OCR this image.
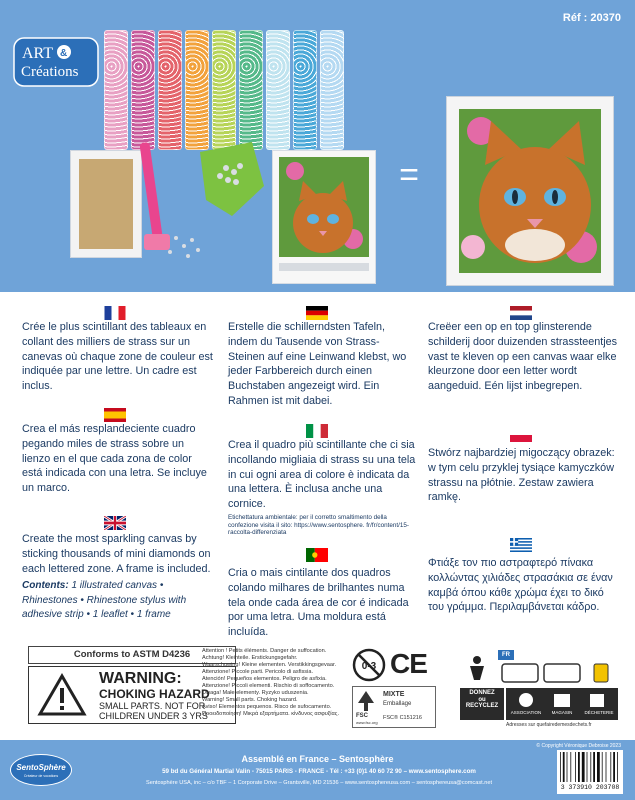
Réf : 20370
ART &
Créations
=

Crée le plus scintillant des tableaux en collant des milliers de strass sur un canevas où chaque zone de couleur est indiquée par une lettre. Un cadre est inclus.

Erstelle die schillerndsten Tafeln, indem du Tausende von Strass-Steinen auf eine Leinwand klebst, wo jeder Farbbereich durch einen Buchstaben angezeigt wird. Ein Rahmen ist mit dabei.

Creëer een op en top glinsterende schilderij door duizenden strassteentjes vast te kleven op een canvas waar elke kleurzone door een letter wordt aangeduid. Eén lijst inbegrepen.

Crea el más resplandeciente cuadro pegando miles de strass sobre un lienzo en el que cada zona de color está indicada con una letra. Se incluye un marco.

Crea il quadro più scintillante che ci sia incollando migliaia di strass su una tela in cui ogni area di colore è indicata da una lettera. È inclusa anche una cornice.

Etichettatura ambientale: per il corretto smaltimento della confezione visita il sito: https://www.sentosphere. fr/fr/content/15-raccolta-differenziata

Stwórz najbardziej migoczący obrazek: w tym celu przyklej tysiące kamyczków strassu na płótnie. Zestaw zawiera ramkę.

Create the most sparkling canvas by sticking thousands of mini diamonds on each lettered zone. A frame is included.

Contents: 1 illustrated canvas • Rhinestones • Rhinestone stylus with adhesive strip • 1 leaflet • 1 frame

Cria o mais cintilante dos quadros colando milhares de brilhantes numa tela onde cada área de cor é indicada por uma letra. Uma moldura está incluída.

Φτιάξε τον πιο αστραφτερό πίνακα κολλώντας χιλιάδες στρασάκια σε έναν καμβά όπου κάθε χρώμα έχει το δικό του γράμμα. Περιλαμβάνεται κάδρο.

Conforms to ASTM D4236
WARNING:
CHOKING HAZARD
SMALL PARTS. NOT FOR CHILDREN UNDER 3 YRS
Attention ! Petits éléments. Danger de suffocation.
Achtung! Kleinteile. Erstickungsgefahr.
Waarschuwing! Kleine elementen. Verstikkingsgevaar.
Attenzione! Piccole parti. Pericolo di asfissia.
Atención! Pequeños elementos. Peligro de asfixia.
Attenzione! Piccoli elementi. Rischio di soffocamento.
Uwaga! Małe elementy. Ryzyko uduszenia.
Warning! Small parts. Choking hazard.
Aviso! Elementos pequenos. Risco de sufocamento.
Προειδοποίηση! Μικρά εξαρτήματα. κίνδυνος ασφυξίας.
0-3 CE
FSC
www.fsc.org
MIXTE
Emballage
FSC® C151216
FR
DONNEZ
ou
RECYCLEZ
ASSOCIATION	MAGASIN	DÉCHETERIE
Adresses sur quefairedemesdechets.fr
© Copyright Véronique Debroise 2023
SentoSphère
Créateur de vocations
Assemblé en France – Sentosphère
59 bd du Général Martial Valin - 75015 PARIS - FRANCE - Tél : +33 (0)1 40 60 72 90 – www.sentosphere.com
Sentosphère USA, inc – c/o TBF – 1 Corporate Drive – Grantsville, MD 21536 – www.sentosphereusa.com – sentosphereusa@comcast.net
3 373910 203708
